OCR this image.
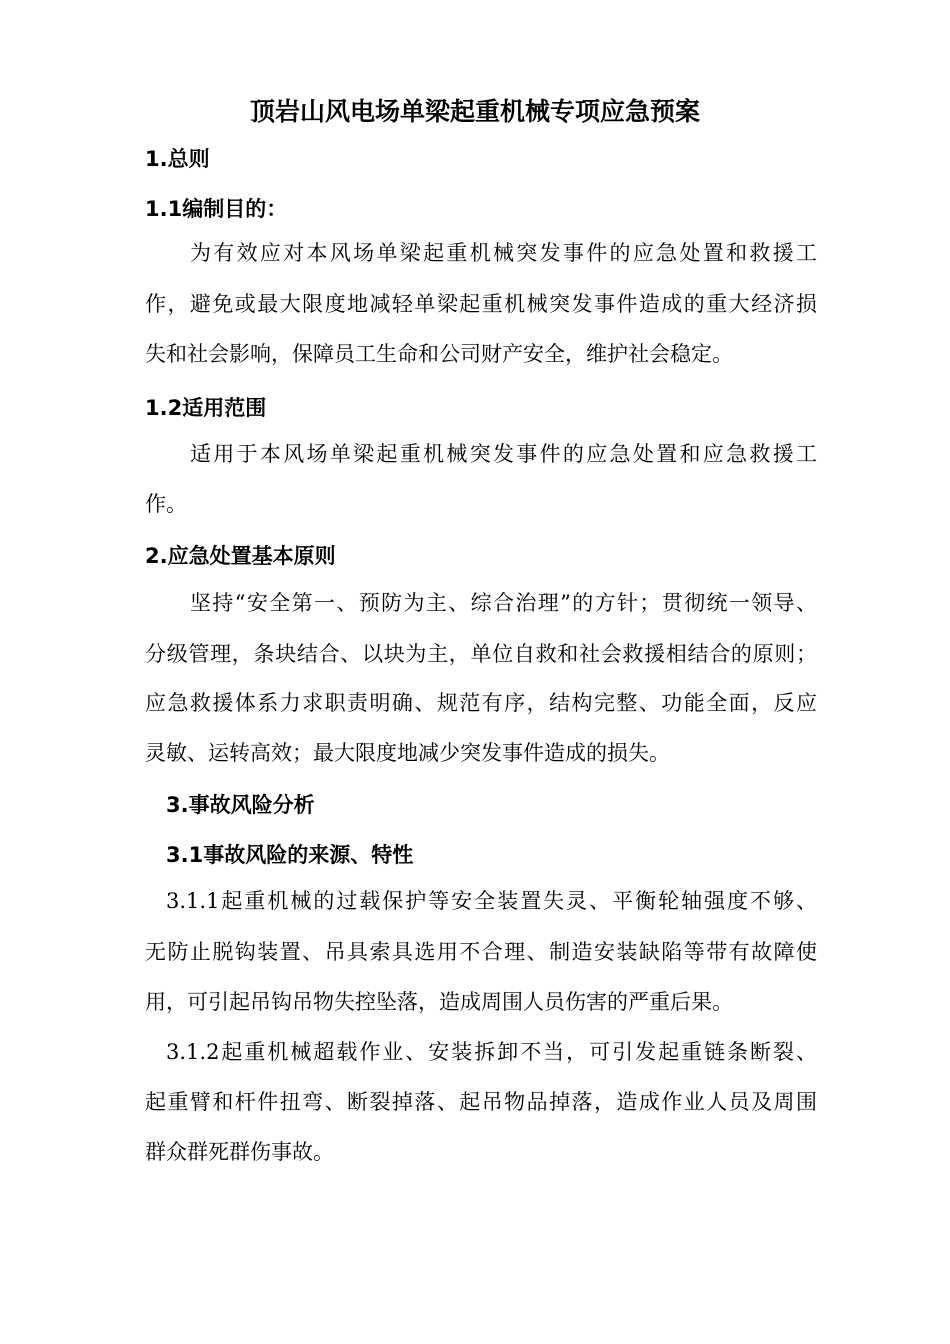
顶岩山风电场单梁起重机械专项应急预案
1.总则
1.1编制目的：
为有效应对本风场单梁起重机械突发事件的应急处置和救援工
作，避免或最大限度地减轻单梁起重机械突发事件造成的重大经济损
失和社会影响，保障员工生命和公司财产安全，维护社会稳定。
1.2适用范围
适用于本风场单梁起重机械突发事件的应急处置和应急救援工
作。
2.应急处置基本原则
坚持“安全第一、预防为主、综合治理”的方针；贯彻统一领导、
分级管理，条块结合、以块为主，单位自救和社会救援相结合的原则；
应急救援体系力求职责明确、规范有序，结构完整、功能全面，反应
灵敏、运转高效；最大限度地减少突发事件造成的损失。
3.事故风险分析
3.1事故风险的来源、特性
3.1.1起重机械的过载保护等安全装置失灵、平衡轮轴强度不够、
无防止脱钩装置、吊具索具选用不合理、制造安装缺陷等带有故障使
用，可引起吊钩吊物失控坠落，造成周围人员伤害的严重后果。
3.1.2起重机械超载作业、安装拆卸不当，可引发起重链条断裂、
起重臂和杆件扭弯、断裂掉落、起吊物品掉落，造成作业人员及周围
群众群死群伤事故。
